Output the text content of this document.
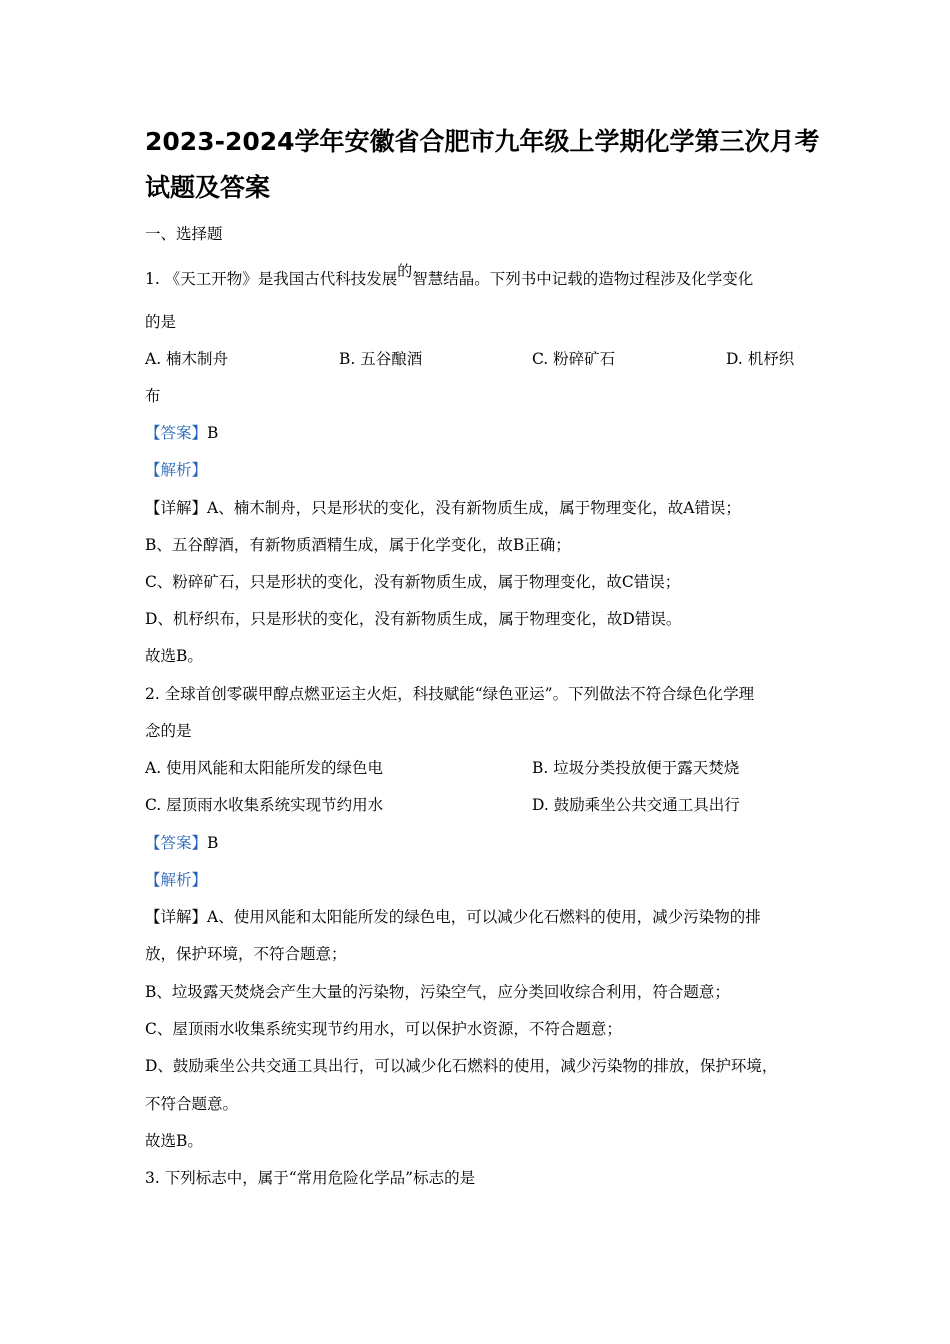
2023-2024学年安徽省合肥市九年级上学期化学第三次月考
试题及答案
一、选择题
1. 《天工开物》是我国古代科技发展的智慧结晶。下列书中记载的造物过程涉及化学变化
的是
A. 楠木制舟	B. 五谷酿酒	C. 粉碎矿石	D. 机杼织
布
【答案】B
【解析】
【详解】A、楠木制舟，只是形状的变化，没有新物质生成，属于物理变化，故A错误；
B、五谷醇酒，有新物质酒精生成，属于化学变化，故B正确；
C、粉碎矿石，只是形状的变化，没有新物质生成，属于物理变化，故C错误；
D、机杼织布，只是形状的变化，没有新物质生成，属于物理变化，故D错误。
故选B。
2. 全球首创零碳甲醇点燃亚运主火炬，科技赋能“绿色亚运”。下列做法不符合绿色化学理
念的是
A. 使用风能和太阳能所发的绿色电	B. 垃圾分类投放便于露天焚烧
C. 屋顶雨水收集系统实现节约用水	D. 鼓励乘坐公共交通工具出行
【答案】B
【解析】
【详解】A、使用风能和太阳能所发的绿色电，可以减少化石燃料的使用，减少污染物的排
放，保护环境，不符合题意；
B、垃圾露天焚烧会产生大量的污染物，污染空气，应分类回收综合利用，符合题意；
C、屋顶雨水收集系统实现节约用水，可以保护水资源，不符合题意；
D、鼓励乘坐公共交通工具出行，可以减少化石燃料的使用，减少污染物的排放，保护环境，
不符合题意。
故选B。
3. 下列标志中，属于“常用危险化学品”标志的是
